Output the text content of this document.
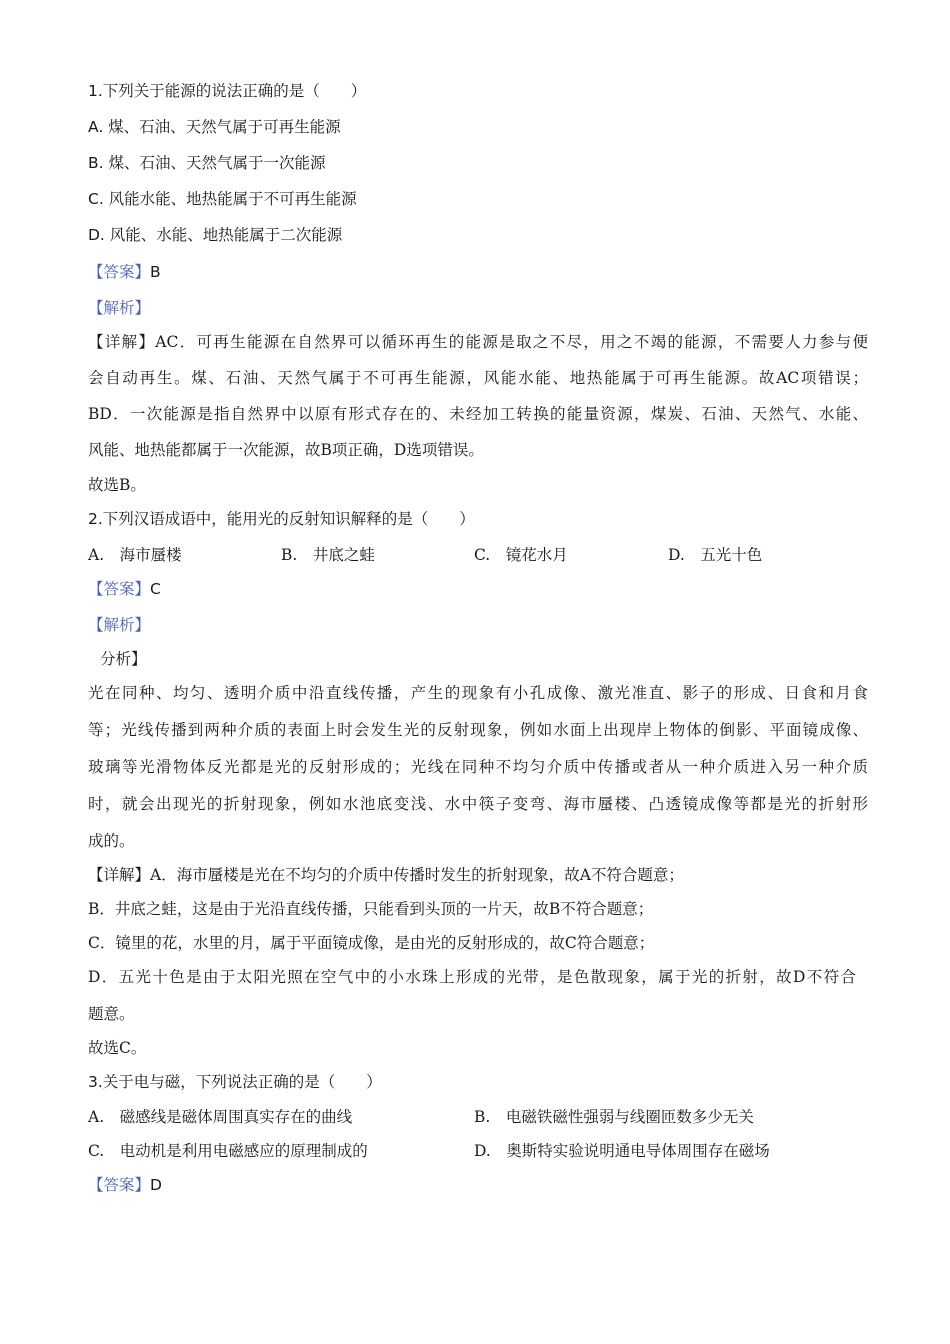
1.下列关于能源的说法正确的是（　　）
A. 煤、石油、天然气属于可再生能源
B. 煤、石油、天然气属于一次能源
C. 风能水能、地热能属于不可再生能源
D. 风能、水能、地热能属于二次能源
【答案】B
【解析】
【详解】AC．可再生能源在自然界可以循环再生的能源是取之不尽，用之不竭的能源，不需要人力参与便
会自动再生。煤、石油、天然气属于不可再生能源，风能水能、地热能属于可再生能源。故AC项错误；
BD．一次能源是指自然界中以原有形式存在的、未经加工转换的能量资源，煤炭、石油、天然气、水能、
风能、地热能都属于一次能源，故B项正确，D选项错误。
故选B。
2.下列汉语成语中，能用光的反射知识解释的是（　　）
A.　海市蜃楼	B.　井底之蛙	C.　镜花水月	D.　五光十色
【答案】C
【解析】
分析】
光在同种、均匀、透明介质中沿直线传播，产生的现象有小孔成像、激光准直、影子的形成、日食和月食
等；光线传播到两种介质的表面上时会发生光的反射现象，例如水面上出现岸上物体的倒影、平面镜成像、
玻璃等光滑物体反光都是光的反射形成的；光线在同种不均匀介质中传播或者从一种介质进入另一种介质
时，就会出现光的折射现象，例如水池底变浅、水中筷子变弯、海市蜃楼、凸透镜成像等都是光的折射形
成的。
【详解】A．海市蜃楼是光在不均匀的介质中传播时发生的折射现象，故A不符合题意；
B．井底之蛙，这是由于光沿直线传播，只能看到头顶的一片天，故B不符合题意；
C．镜里的花，水里的月，属于平面镜成像，是由光的反射形成的，故C符合题意；
D．五光十色是由于太阳光照在空气中的小水珠上形成的光带，是色散现象，属于光的折射，故D不符合
题意。
故选C。
3.关于电与磁，下列说法正确的是（　　）
A.　磁感线是磁体周围真实存在的曲线	B.　电磁铁磁性强弱与线圈匝数多少无关
C.　电动机是利用电磁感应的原理制成的	D.　奥斯特实验说明通电导体周围存在磁场
【答案】D
